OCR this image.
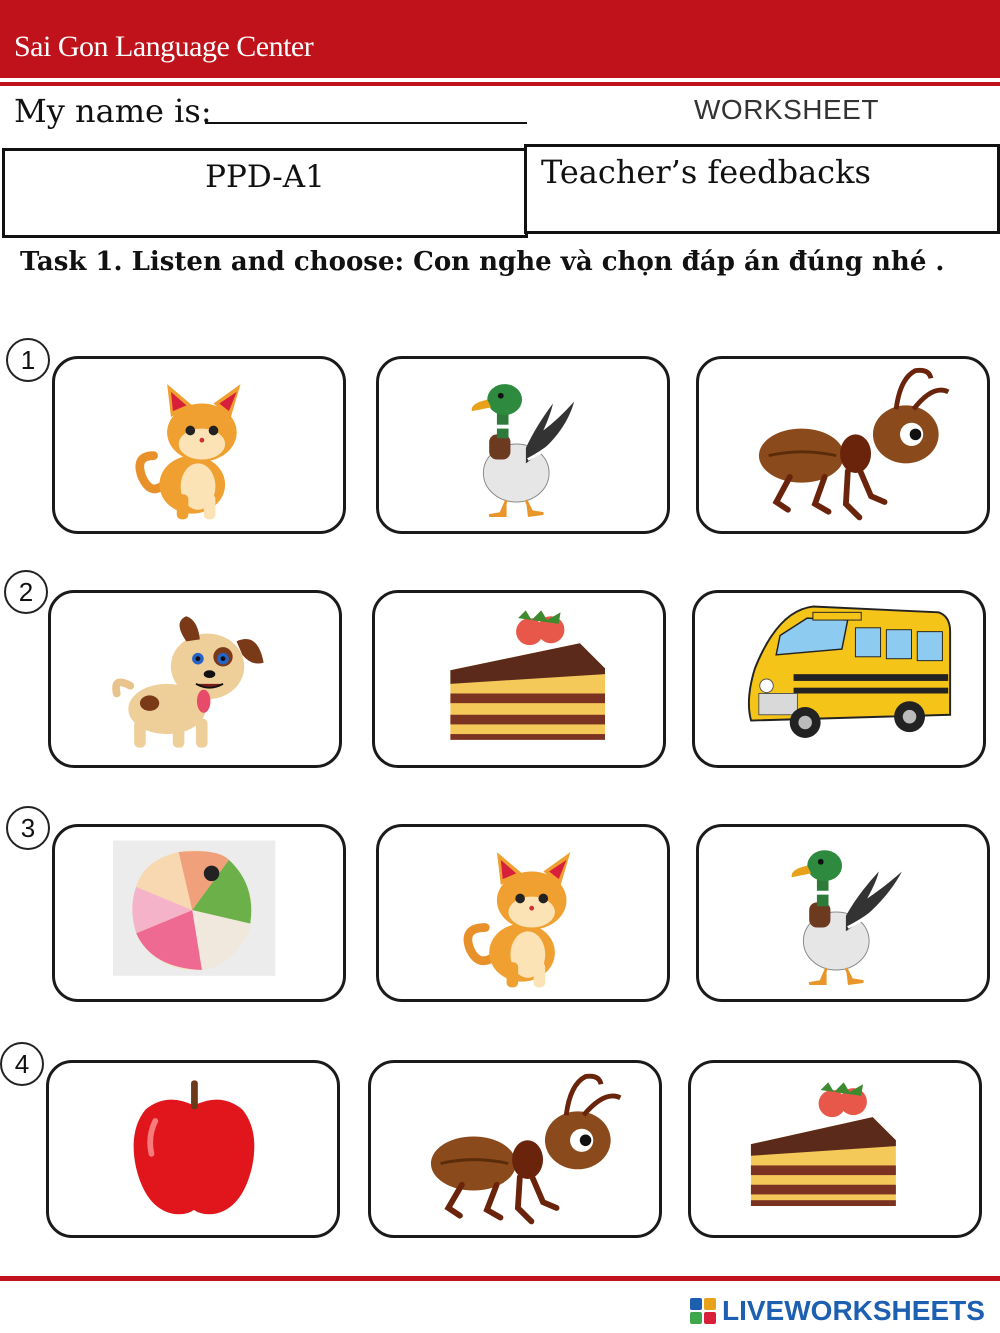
Sai Gon Language Center
My name is:	WORKSHEET
PPD-A1	Teacher’s feedbacks
Task 1. Listen and choose: Con nghe và chọn đáp án đúng nhé .
1
2
3
4
LIVEWORKSHEETS
